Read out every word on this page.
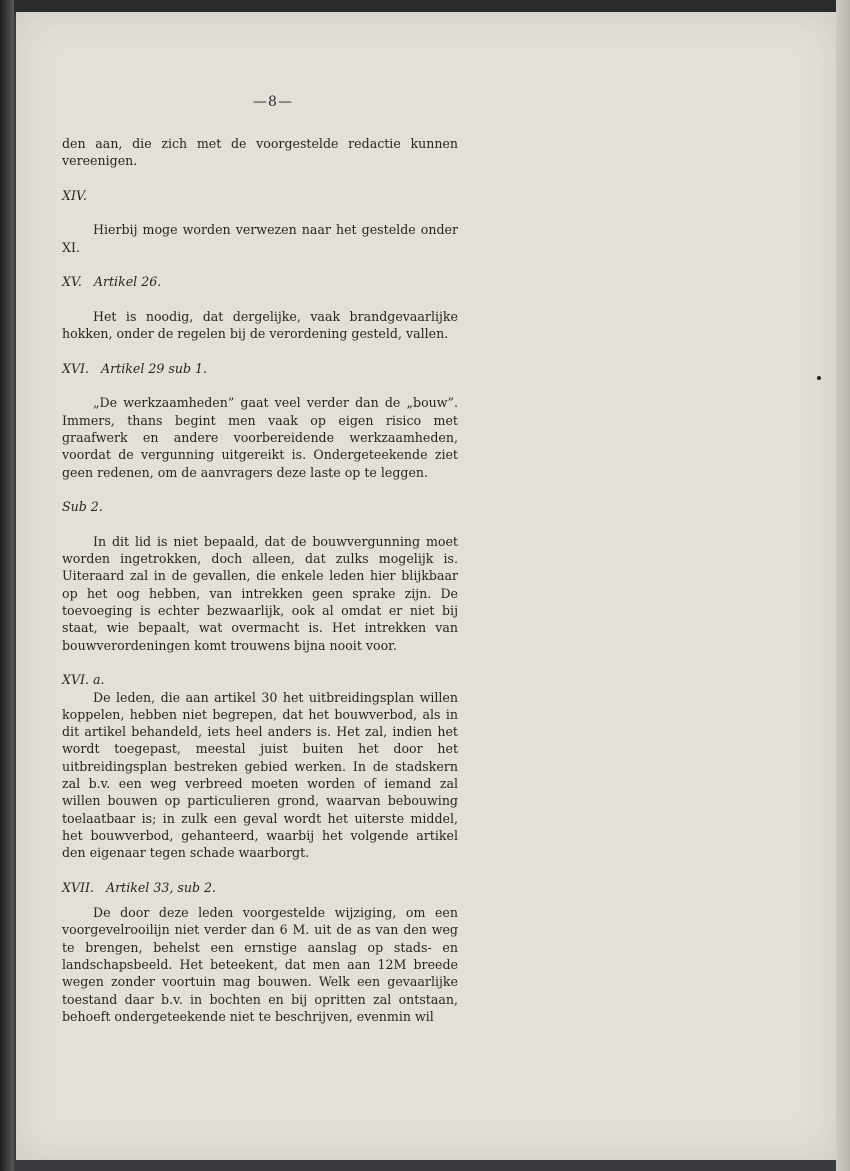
—8—

den aan, die zich met de voorgestelde redactie kunnen vereenigen.

XIV.

Hierbij moge worden verwezen naar het gestelde onder XI.

XV. Artikel 26.

Het is noodig, dat dergelijke, vaak brandgevaarlijke hokken, onder de regelen bij de verordening gesteld, vallen.

XVI. Artikel 29 sub 1.

„De werkzaamheden” gaat veel verder dan de „bouw”. Immers, thans begint men vaak op eigen risico met graafwerk en andere voorbereidende werkzaamheden, voordat de vergunning uitgereikt is. Ondergeteekende ziet geen redenen, om de aanvragers deze laste op te leggen.

Sub 2.

In dit lid is niet bepaald, dat de bouwvergunning moet worden ingetrokken, doch alleen, dat zulks mogelijk is. Uiteraard zal in de gevallen, die enkele leden hier blijkbaar op het oog hebben, van intrekken geen sprake zijn. De toevoeging is echter bezwaarlijk, ook al omdat er niet bij staat, wie bepaalt, wat overmacht is. Het intrekken van bouwverordeningen komt trouwens bijna nooit voor.

XVI. a.

De leden, die aan artikel 30 het uitbreidingsplan willen koppelen, hebben niet begrepen, dat het bouwverbod, als in dit artikel behandeld, iets heel anders is. Het zal, indien het wordt toegepast, meestal juist buiten het door het uitbreidingsplan bestreken gebied werken. In de stadskern zal b.v. een weg verbreed moeten worden of iemand zal willen bouwen op particulieren grond, waarvan bebouwing toelaatbaar is; in zulk een geval wordt het uiterste middel, het bouwverbod, gehanteerd, waarbij het volgende artikel den eigenaar tegen schade waarborgt.

XVII. Artikel 33, sub 2.

De door deze leden voorgestelde wijziging, om een voorgevelrooilijn niet verder dan 6 M. uit de as van den weg te brengen, behelst een ernstige aanslag op stads- en landschapsbeeld. Het beteekent, dat men aan 12M breede wegen zonder voortuin mag bouwen. Welk een gevaarlijke toestand daar b.v. in bochten en bij opritten zal ontstaan, behoeft ondergeteekende niet te beschrijven, evenmin wil
